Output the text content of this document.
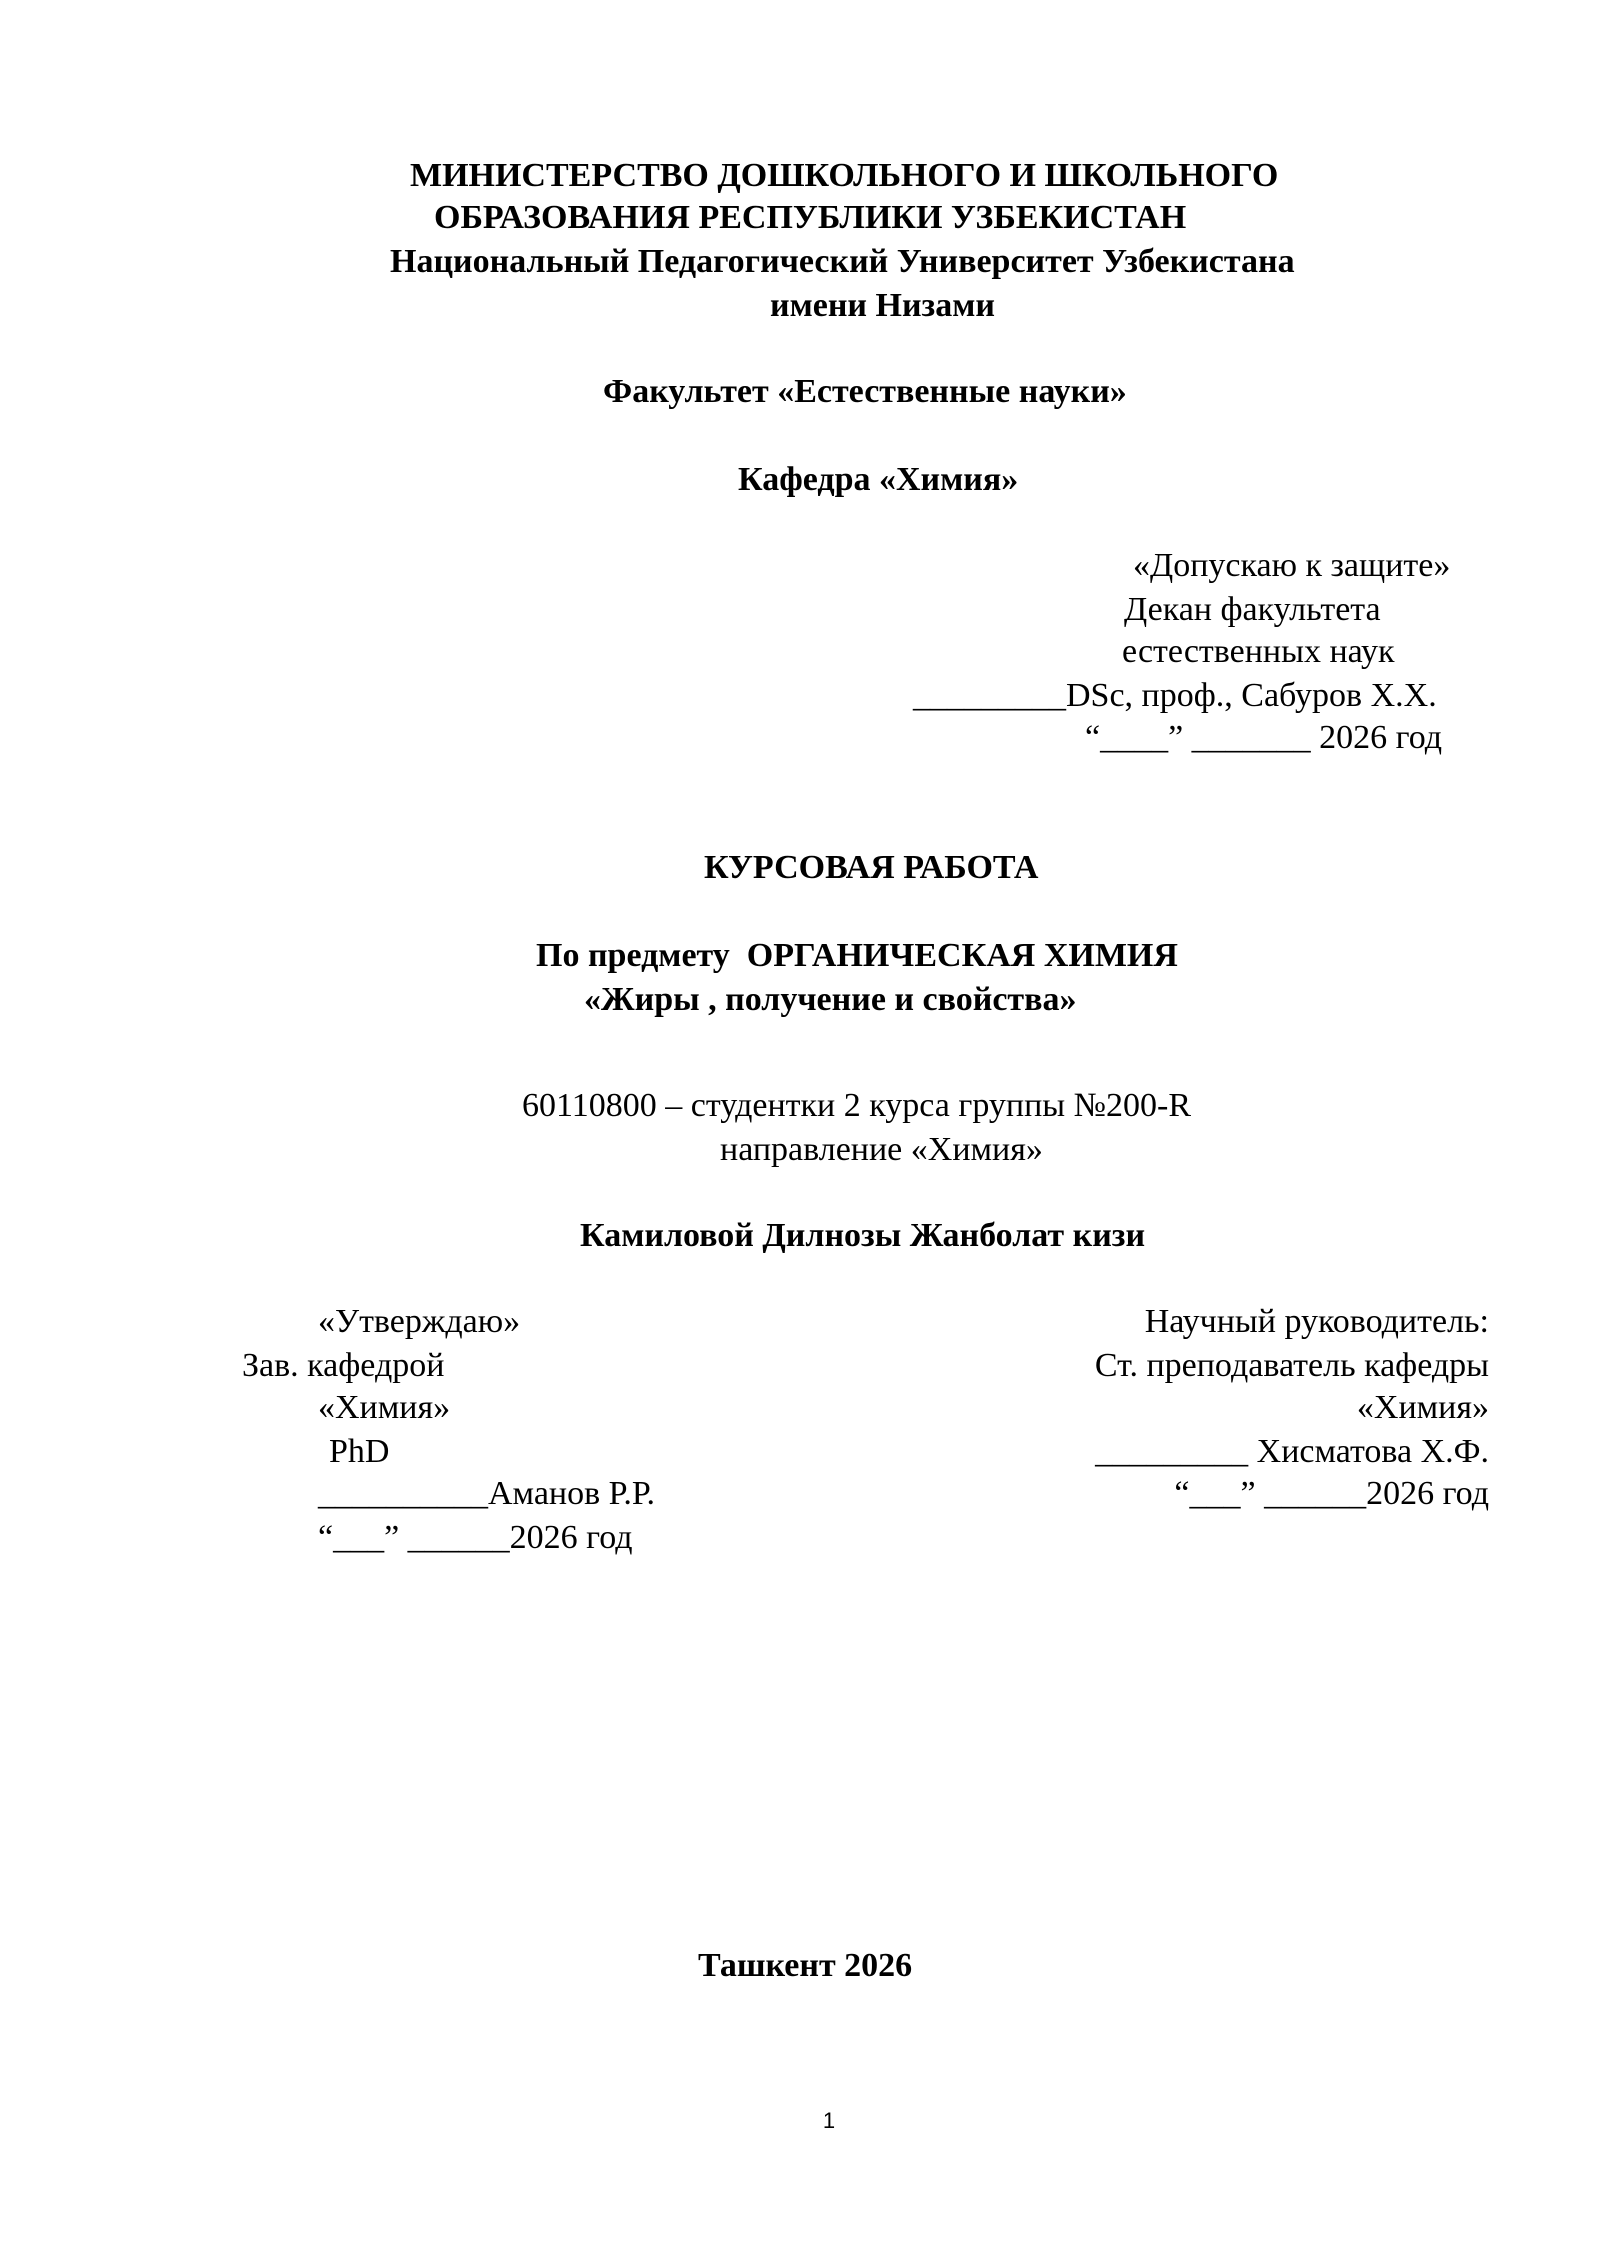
МИНИСТЕРСТВО ДОШКОЛЬНОГО И ШКОЛЬНОГО
ОБРАЗОВАНИЯ РЕСПУБЛИКИ УЗБЕКИСТАН
Национальный Педагогический Университет Узбекистана
имени Низами
Факультет «Естественные науки»
Кафедра «Химия»
«Допускаю к защите»
Декан факультета
естественных наук
_________DSc, проф., Сабуров Х.Х.
“____” _______ 2026 год
КУРСОВАЯ РАБОТА
По предмету  ОРГАНИЧЕСКАЯ ХИМИЯ
«Жиры , получение и свойства»
60110800 – студентки 2 курса группы №200-R
направление «Химия»
Камиловой Дилнозы Жанболат кизи
«Утверждаю»
Зав. кафедрой
«Химия»
PhD
__________Аманов Р.Р.
“___” ______2026 год
Научный руководитель:
Ст. преподаватель кафедры
«Химия»
_________ Хисматова Х.Ф.
“___” ______2026 год
Ташкент 2026
1
